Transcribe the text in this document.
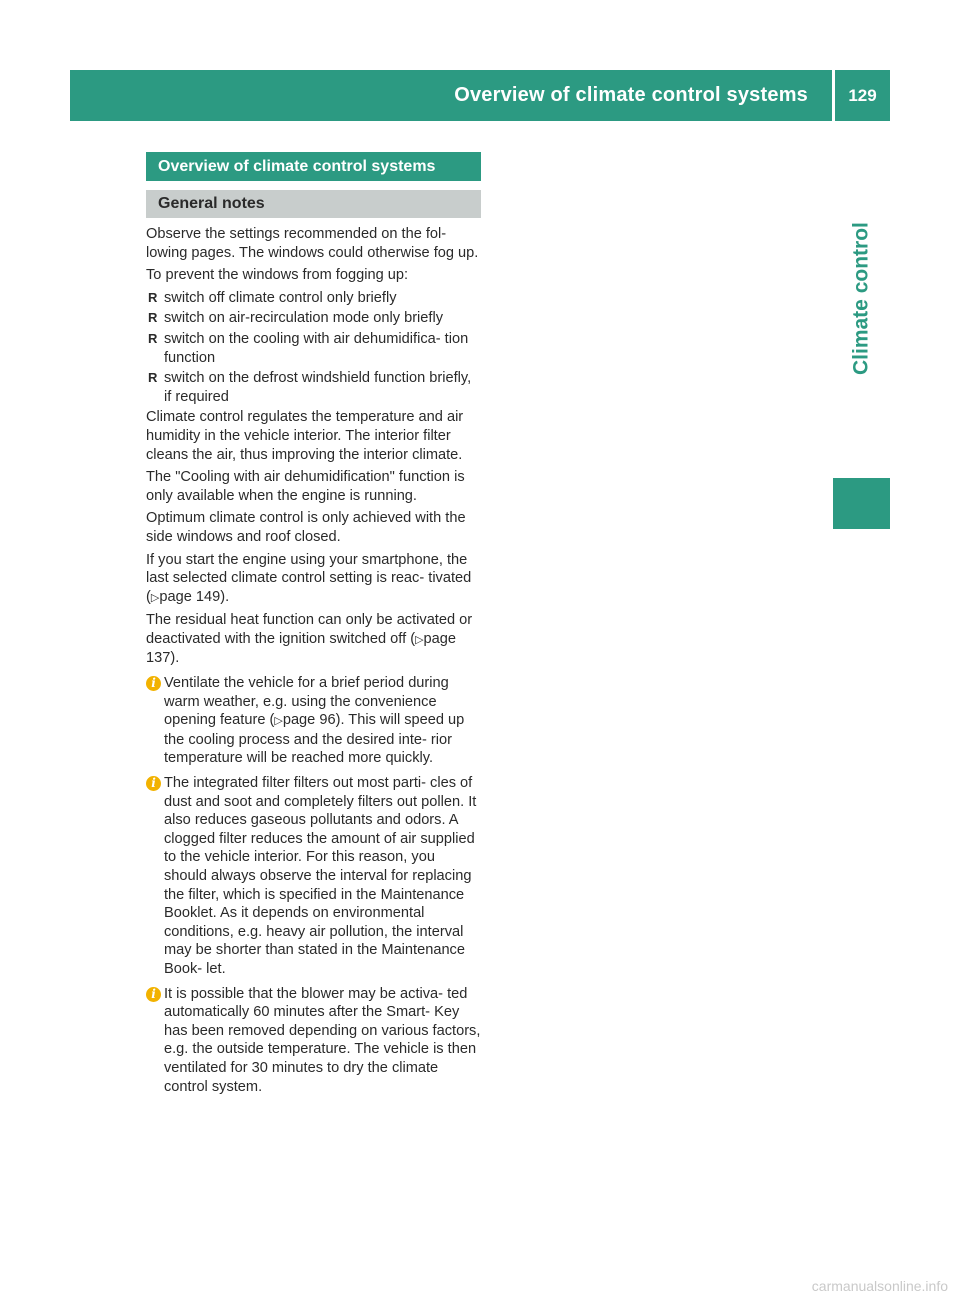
Overview of climate control systems	129
Climate control
Overview of climate control systems
General notes

Observe the settings recommended on the fol- lowing pages. The windows could otherwise fog up.

To prevent the windows from fogging up:

R switch off climate control only briefly
R switch on air-recirculation mode only briefly
R switch on the cooling with air dehumidifica- tion function
R switch on the defrost windshield function briefly, if required

Climate control regulates the temperature and air humidity in the vehicle interior. The interior filter cleans the air, thus improving the interior climate.

The "Cooling with air dehumidification" function is only available when the engine is running.

Optimum climate control is only achieved with the side windows and roof closed.

If you start the engine using your smartphone, the last selected climate control setting is reac- tivated (▷page 149).

The residual heat function can only be activated or deactivated with the ignition switched off (▷page 137).

i Ventilate the vehicle for a brief period during warm weather, e.g. using the convenience opening feature (▷page 96). This will speed up the cooling process and the desired inte- rior temperature will be reached more quickly.
i The integrated filter filters out most parti- cles of dust and soot and completely filters out pollen. It also reduces gaseous pollutants and odors. A clogged filter reduces the amount of air supplied to the vehicle interior. For this reason, you should always observe the interval for replacing the filter, which is specified in the Maintenance Booklet. As it depends on environmental conditions, e.g. heavy air pollution, the interval may be shorter than stated in the Maintenance Book- let.
i It is possible that the blower may be activa- ted automatically 60 minutes after the Smart- Key has been removed depending on various factors, e.g. the outside temperature. The vehicle is then ventilated for 30 minutes to dry the climate control system.
carmanualsonline.info
